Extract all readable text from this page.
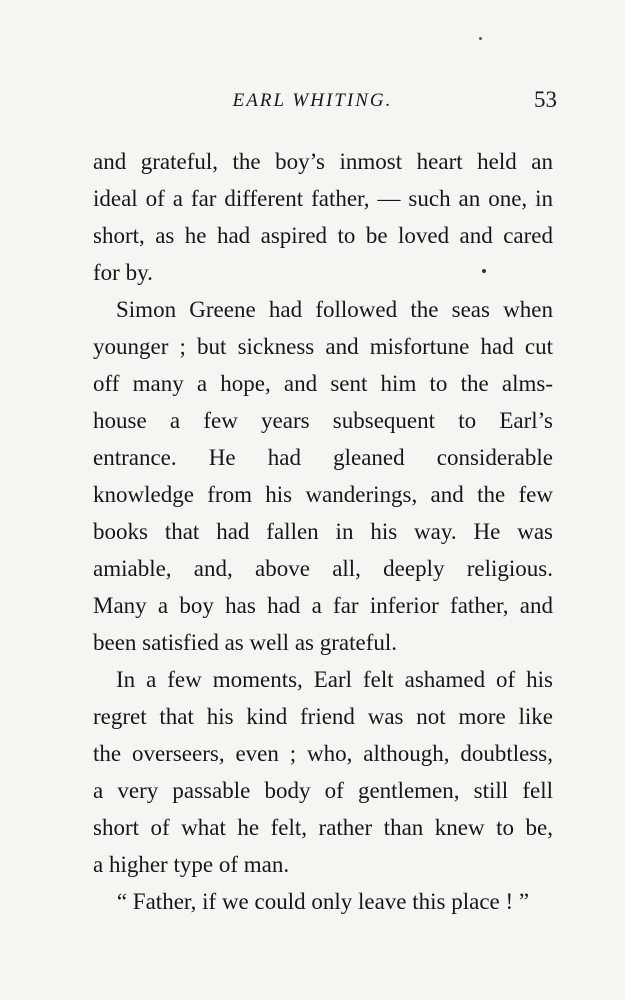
EARL WHITING.	53
and grateful, the boy’s inmost heart held an
ideal of a far different father, — such an one, in
short, as he had aspired to be loved and cared
for by.
Simon Greene had followed the seas when
younger ; but sickness and misfortune had cut
off many a hope, and sent him to the alms-
house a few years subsequent to Earl’s
entrance. He had gleaned considerable
knowledge from his wanderings, and the few
books that had fallen in his way. He was
amiable, and, above all, deeply religious.
Many a boy has had a far inferior father, and
been satisfied as well as grateful.
In a few moments, Earl felt ashamed of his
regret that his kind friend was not more like
the overseers, even ; who, although, doubtless,
a very passable body of gentlemen, still fell
short of what he felt, rather than knew to be,
a higher type of man.
“ Father, if we could only leave this place ! ”
